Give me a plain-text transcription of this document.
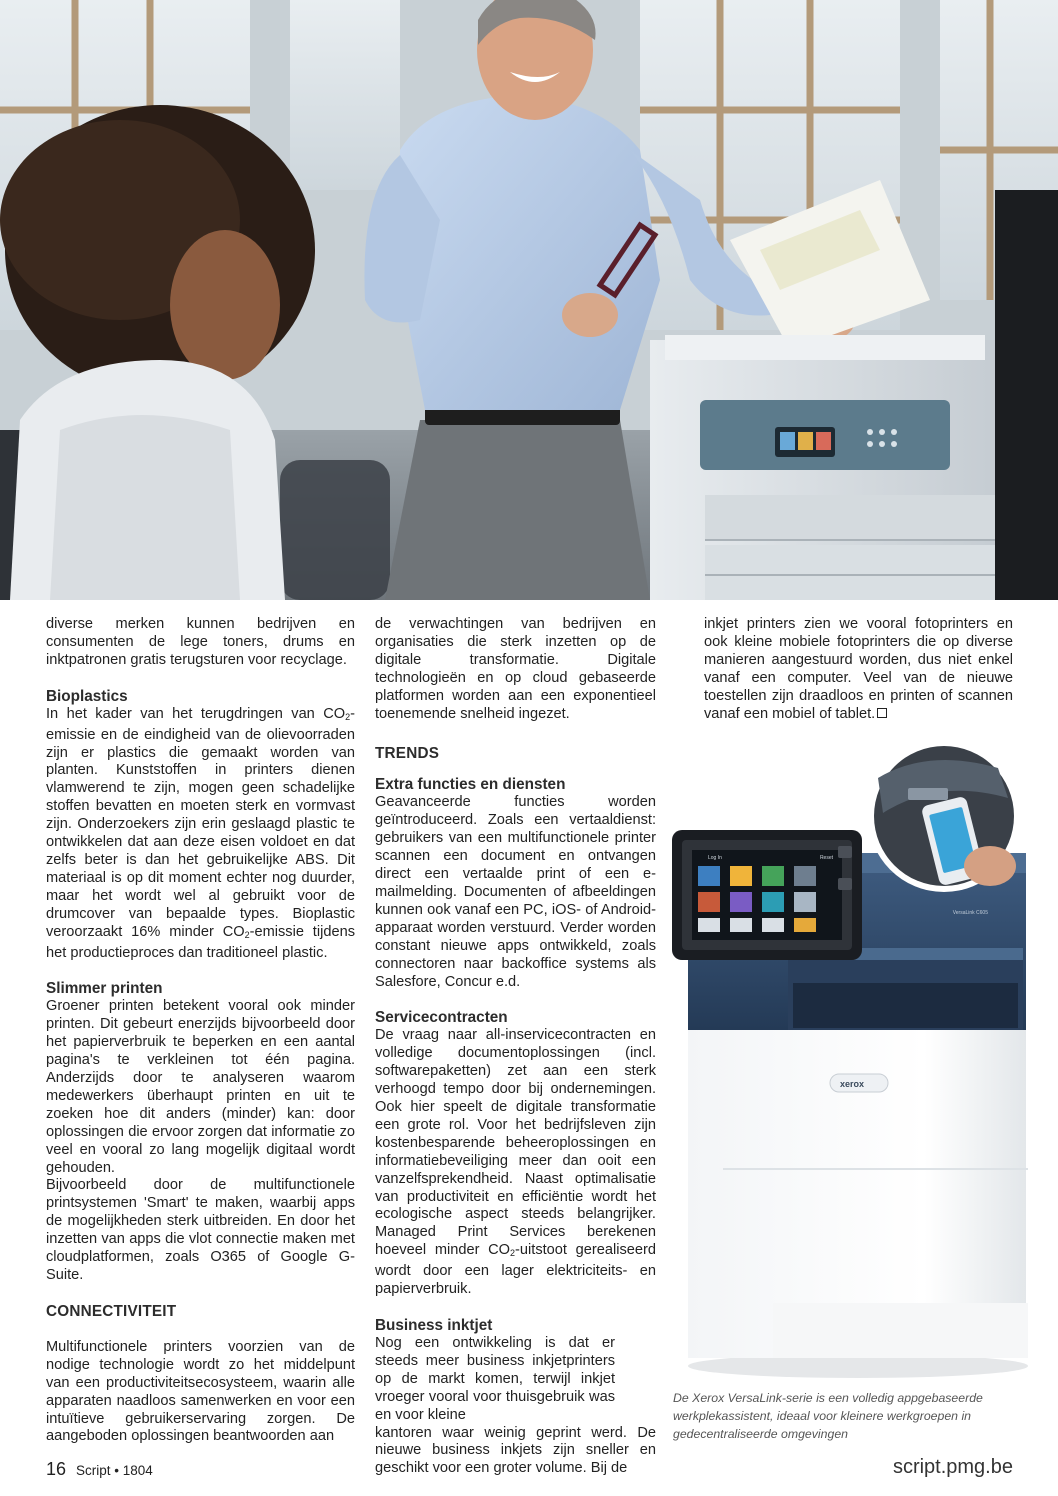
diverse merken kunnen bedrijven en consumenten de lege toners, drums en inktpatronen gratis terugsturen voor recyclage.

Bioplastics

In het kader van het terugdringen van $CO_2$-emissie en de eindigheid van de olievoorraden zijn er plastics die gemaakt worden van planten. Kunststoffen in printers dienen vlamwerend te zijn, mogen geen schadelijke stoffen bevatten en moeten sterk en vormvast zijn. Onderzoekers zijn erin geslaagd plastic te ontwikkelen dat aan deze eisen voldoet en dat zelfs beter is dan het gebruikelijke ABS. Dit materiaal is op dit moment echter nog duurder, maar het wordt wel al gebruikt voor de drumcover van bepaalde types. Bioplastic veroorzaakt 16% minder $CO_2$-emissie tijdens het productieproces dan traditioneel plastic.

Slimmer printen

Groener printen betekent vooral ook minder printen. Dit gebeurt enerzijds bijvoorbeeld door het papierverbruik te beperken en een aantal pagina's te verkleinen tot één pagina. Anderzijds door te analyseren waarom medewerkers überhaupt printen en uit te zoeken hoe dit anders (minder) kan: door oplossingen die ervoor zorgen dat informatie zo veel en vooral zo lang mogelijk digitaal wordt gehouden.

Bijvoorbeeld door de multifunctionele printsystemen 'Smart' te maken, waarbij apps de mogelijkheden sterk uitbreiden. En door het inzetten van apps die vlot connectie maken met cloudplatformen, zoals O365 of Google G-Suite.

CONNECTIVITEIT

Multifunctionele printers voorzien van de nodige technologie wordt zo het middelpunt van een productiviteitsecosysteem, waarin alle apparaten naadloos samenwerken en voor een intuïtieve gebruikerservaring zorgen. De aangeboden oplossingen beantwoorden aan

de verwachtingen van bedrijven en organisaties die sterk inzetten op de digitale transformatie. Digitale technologieën en op cloud gebaseerde platformen worden aan een exponentieel toenemende snelheid ingezet.

TRENDS
Extra functies en diensten

Geavanceerde functies worden geïntroduceerd. Zoals een vertaaldienst: gebruikers van een multifunctionele printer scannen een document en ontvangen direct een vertaalde print of een e-mailmelding. Documenten of afbeeldingen kunnen ook vanaf een PC, iOS- of Android-apparaat worden verstuurd. Verder worden constant nieuwe apps ontwikkeld, zoals connectoren naar backoffice systems als Salesfore, Concur e.d.

Servicecontracten

De vraag naar all-inservicecontracten en volledige documentoplossingen (incl. softwarepaketten) zet aan een sterk verhoogd tempo door bij ondernemingen. Ook hier speelt de digitale transformatie een grote rol. Voor het bedrijfsleven zijn kostenbesparende beheeroplossingen en informatiebeveiliging meer dan ooit een vanzelfsprekendheid. Naast optimalisatie van productiviteit en efficiëntie wordt het ecologische aspect steeds belangrijker. Managed Print Services berekenen hoeveel minder $CO_2$-uitstoot gerealiseerd wordt door een lager elektriciteits- en papierverbruik.

Business inktjet

Nog een ontwikkeling is dat er steeds meer business inkjetprinters op de markt komen, terwijl inkjet vroeger vooral voor thuisgebruik was en voor kleine

kantoren waar weinig geprint werd. De nieuwe business inkjets zijn sneller en geschikt voor een groter volume. Bij de

inkjet printers zien we vooral fotoprinters en ook kleine mobiele fotoprinters die op diverse manieren aangestuurd worden, dus niet enkel vanaf een computer. Veel van de nieuwe toestellen zijn draadloos en printen of scannen vanaf een mobiel of tablet.

xerox
VersaLink C605
Log In	Reset
De Xerox VersaLink-serie is een volledig appgebaseerde werkplekassistent, ideaal voor kleinere werkgroepen in gedecentraliseerde omgevingen
16 Script • 1804	script.pmg.be
